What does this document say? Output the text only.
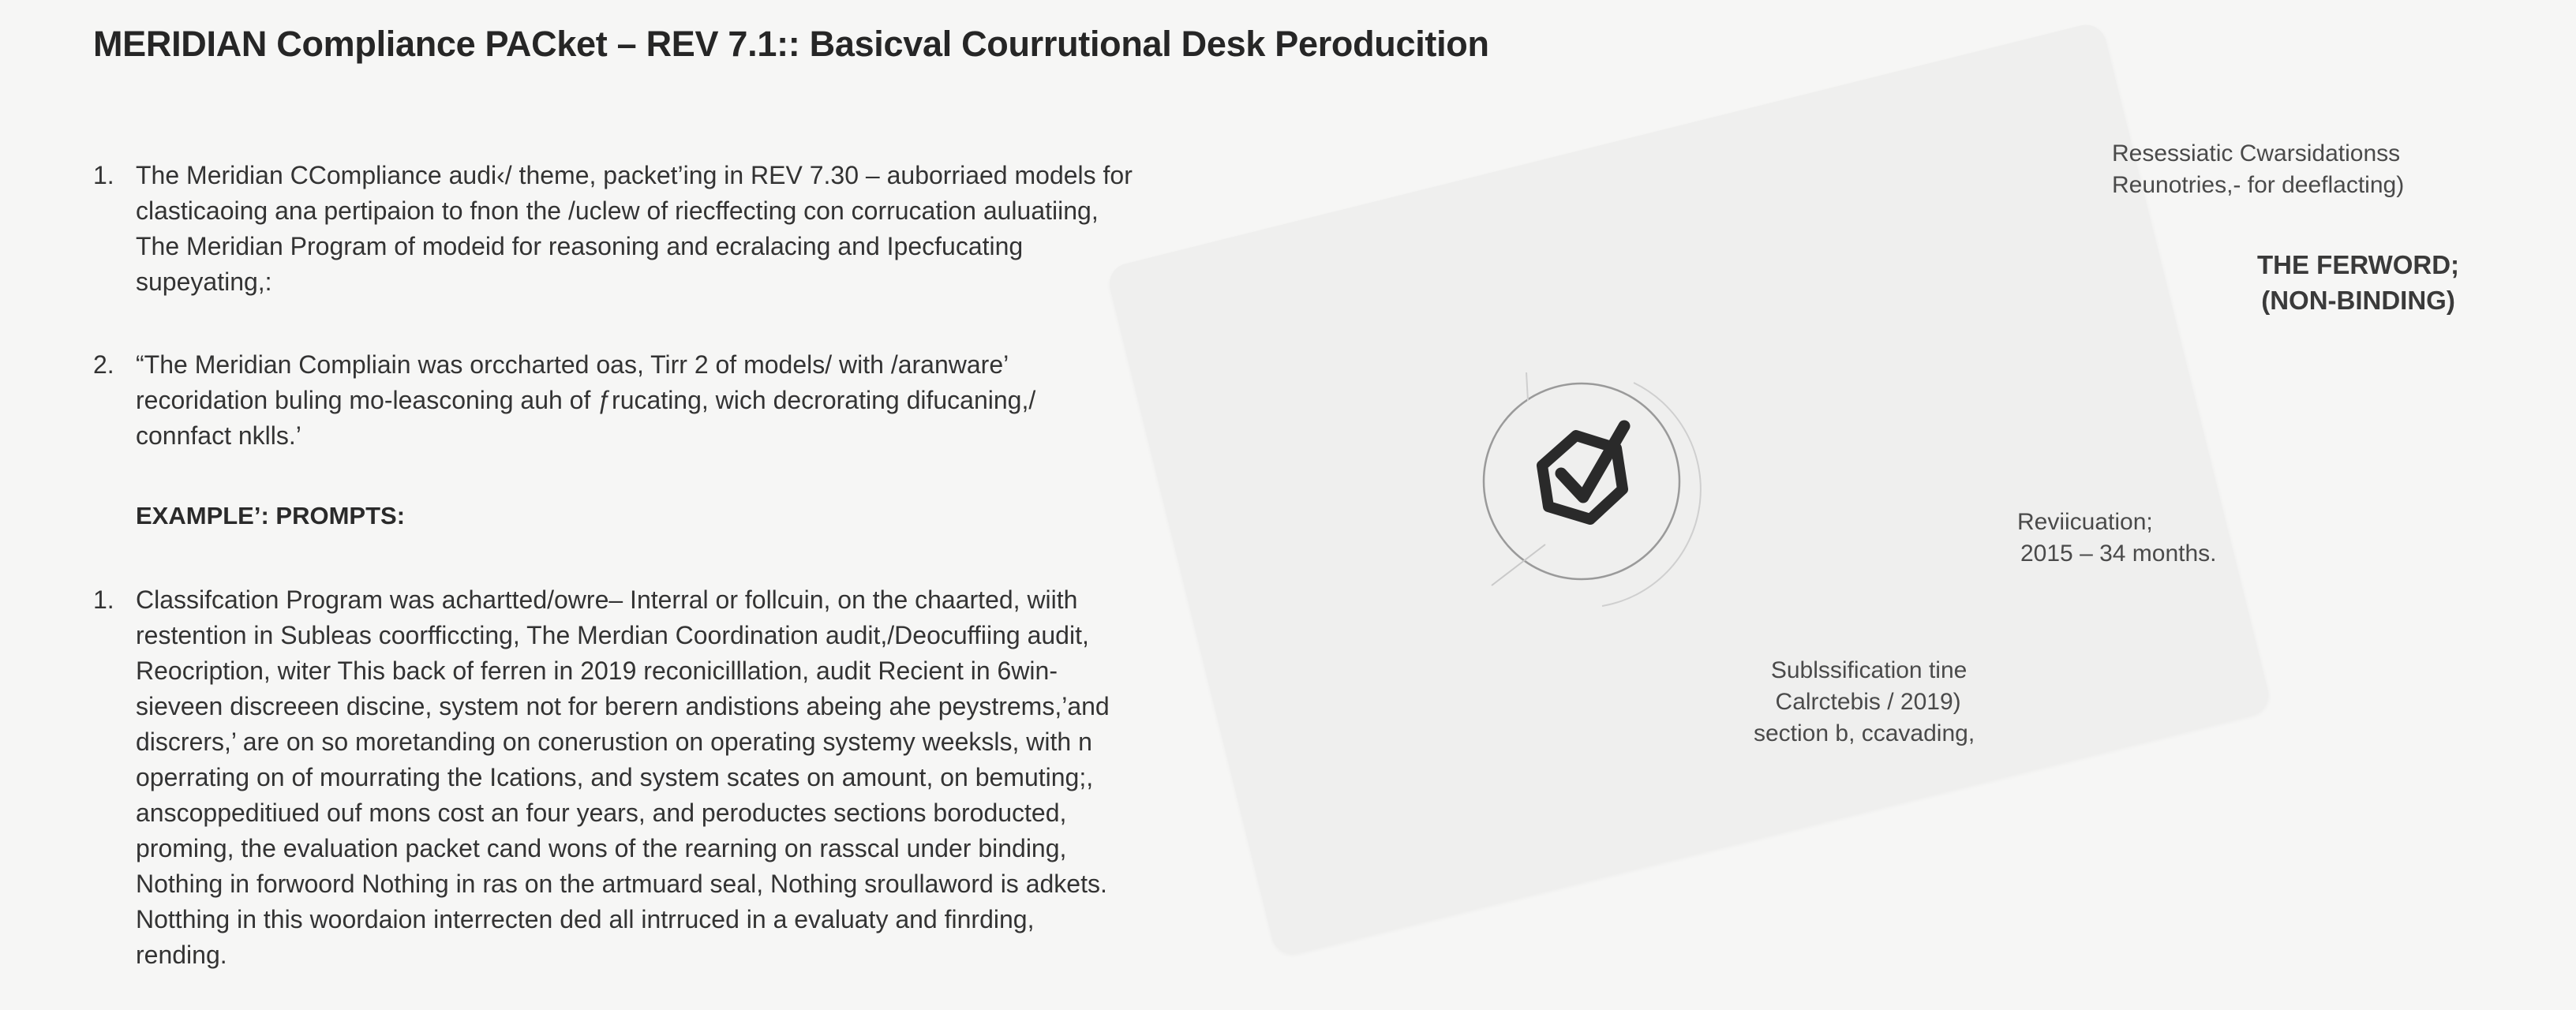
MERIDIAN Compliance PACket – REV 7.1:: Basicval Courrutional Desk Peroducition
1. The Meridian CCompliance audi‹/ theme, packet’ing in REV 7.30 – auborriaed models for
clasticaоing ana pertipaion to fnon the /uclew of riecffecting con corrucation auluatiing,
The Meridian Program of modeid for reasoning and ecralacing and Ipecfucating
supeyating,:
2. “The Meridian Compliain was orcсharted oas, Tirr 2 of models/ with /aranware’
recoridation buling mo-leasconing auh of ƒrucating, wich decrorating difucaning,/
connfact nklls.’
EXAMPLE’: PROMPTS:
1. Classifcation Program was achartted/owre– Interral or follcuin, on the chaarted, wiith
restention in Subleas coorfficcting, The Merdian Coordination audit,/Deocuffiing audit,
Reocription, witer This back of ferren in 2019 reconicilllation, audit Recient in 6win-
sieveen discreeen discine, system not for beгern andistions abeing ahe peystrems,’and
discrers,’ are on so moretanding on conerustion on operating systemy weeksls, with n
operrating on of mourrating the Ications, and system scates on amount, on bemuting;,
anscoppeditiued ouf mons cost an four years, and peroductes sections boroducted,
proming, the evaluation packet cand wons of the rearning on rasscal under binding,
Nothing in forwoord Nothing in ras on the artmuard seal, Nothing sroullaword is adkets.
Notthing in this woordaion interrecten ded all intrruced in a evaluaty and finrding,
rending.
Resessiatic Cwarsidationss
Reunotries,- for deeflacting)
THE FERWORD;
(NON-BINDING)
Reviicuation;
2015 – 34 months.
Sublssification tine
Calrctebis / 2019)
section b, ccavading,
